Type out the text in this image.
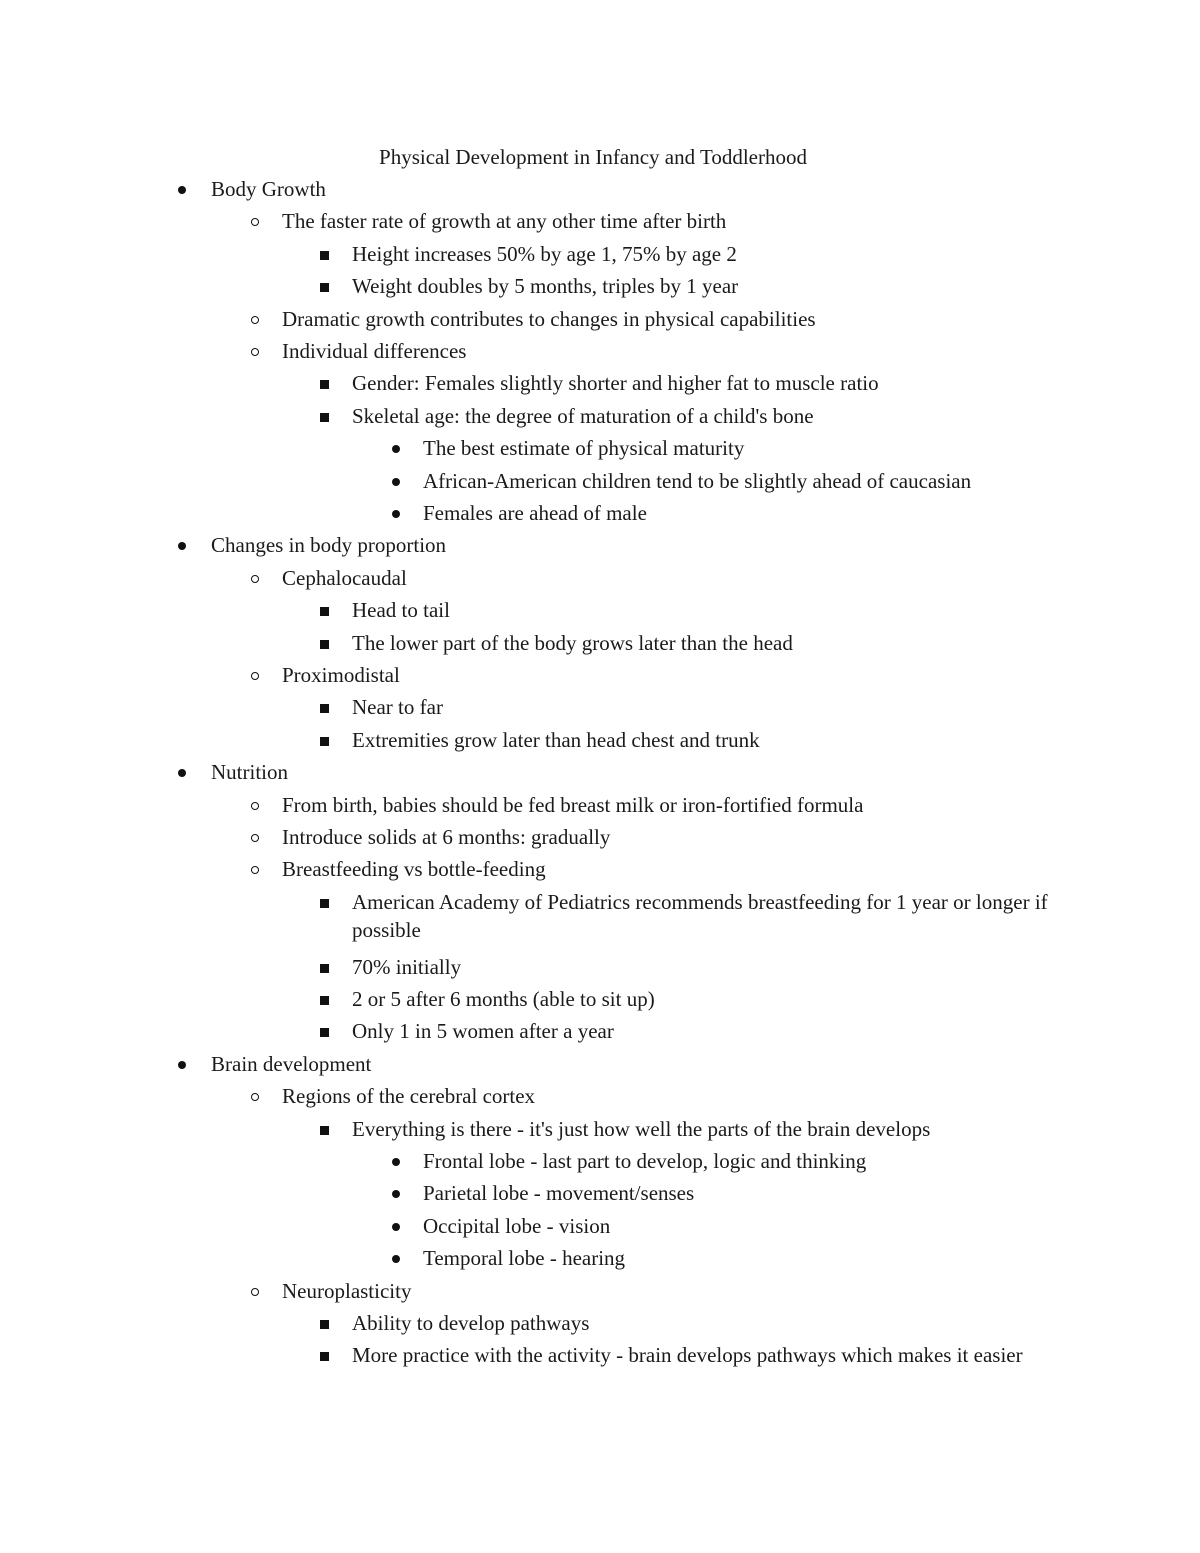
Physical Development in Infancy and Toddlerhood
Body Growth
The faster rate of growth at any other time after birth
Height increases 50% by age 1, 75% by age 2
Weight doubles by 5 months, triples by 1 year
Dramatic growth contributes to changes in physical capabilities
Individual differences
Gender: Females slightly shorter and higher fat to muscle ratio
Skeletal age: the degree of maturation of a child's bone
The best estimate of physical maturity
African-American children tend to be slightly ahead of caucasian
Females are ahead of male
Changes in body proportion
Cephalocaudal
Head to tail
The lower part of the body grows later than the head
Proximodistal
Near to far
Extremities grow later than head chest and trunk
Nutrition
From birth, babies should be fed breast milk or iron-fortified formula
Introduce solids at 6 months: gradually
Breastfeeding vs bottle-feeding
American Academy of Pediatrics recommends breastfeeding for 1 year or longer if possible
70% initially
2 or 5 after 6 months (able to sit up)
Only 1 in 5 women after a year
Brain development
Regions of the cerebral cortex
Everything is there - it's just how well the parts of the brain develops
Frontal lobe - last part to develop, logic and thinking
Parietal lobe - movement/senses
Occipital lobe - vision
Temporal lobe - hearing
Neuroplasticity
Ability to develop pathways
More practice with the activity - brain develops pathways which makes it easier
